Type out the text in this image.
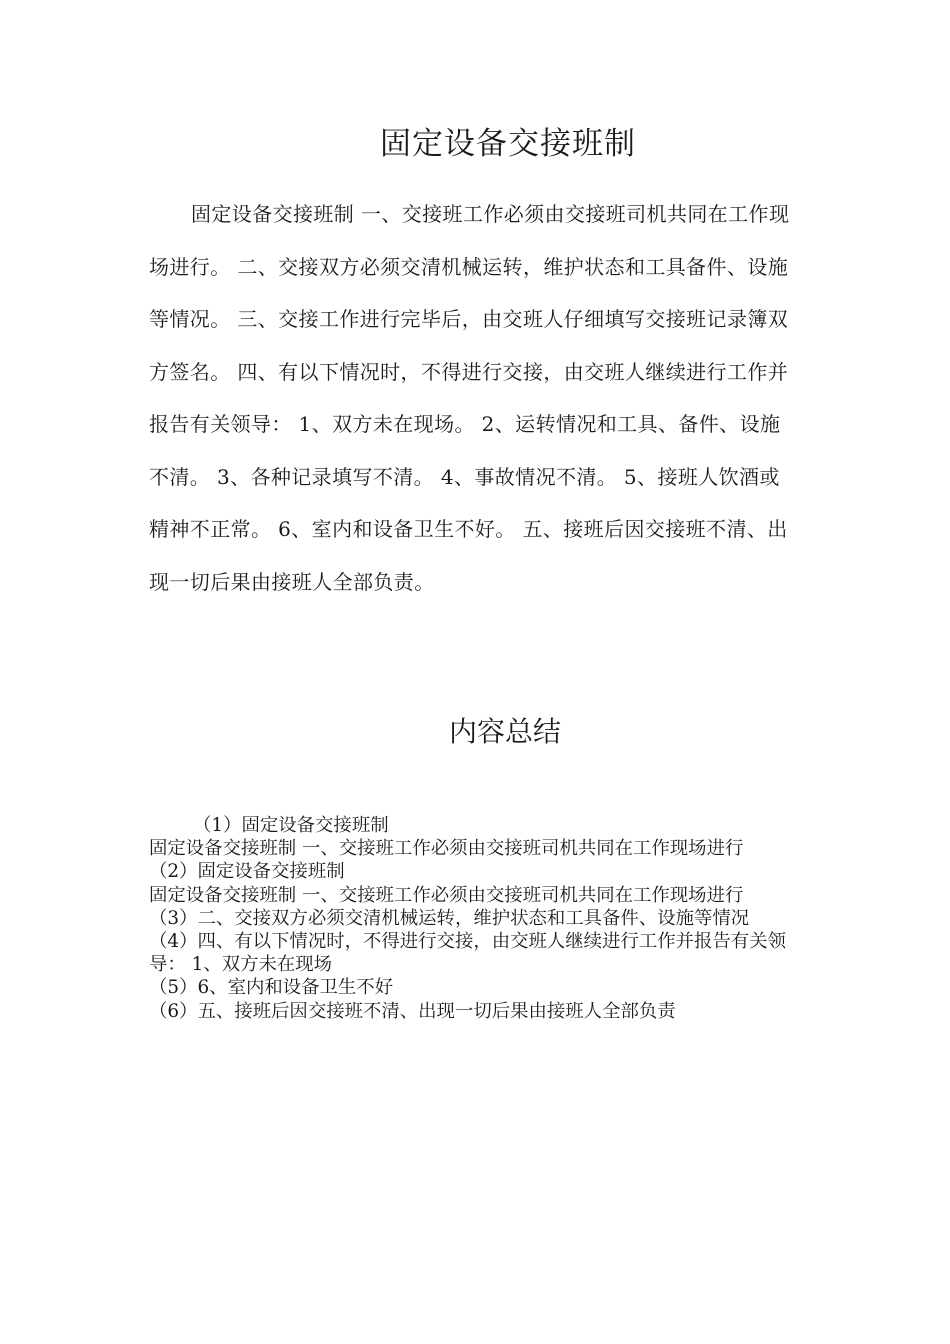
固定设备交接班制

固定设备交接班制 一、交接班工作必须由交接班司机共同在工作现场进行。 二、交接双方必须交清机械运转，维护状态和工具备件、设施等情况。 三、交接工作进行完毕后，由交班人仔细填写交接班记录簿双方签名。 四、有以下情况时，不得进行交接，由交班人继续进行工作并报告有关领导： 1、双方未在现场。 2、运转情况和工具、备件、设施不清。 3、各种记录填写不清。 4、事故情况不清。 5、接班人饮酒或精神不正常。 6、室内和设备卫生不好。 五、接班后因交接班不清、出现一切后果由接班人全部负责。

内容总结
（1）固定设备交接班制
固定设备交接班制 一、交接班工作必须由交接班司机共同在工作现场进行
（2）固定设备交接班制
固定设备交接班制 一、交接班工作必须由交接班司机共同在工作现场进行
（3）二、交接双方必须交清机械运转，维护状态和工具备件、设施等情况
（4）四、有以下情况时，不得进行交接，由交班人继续进行工作并报告有关领导： 1、双方未在现场
（5）6、室内和设备卫生不好
（6）五、接班后因交接班不清、出现一切后果由接班人全部负责
